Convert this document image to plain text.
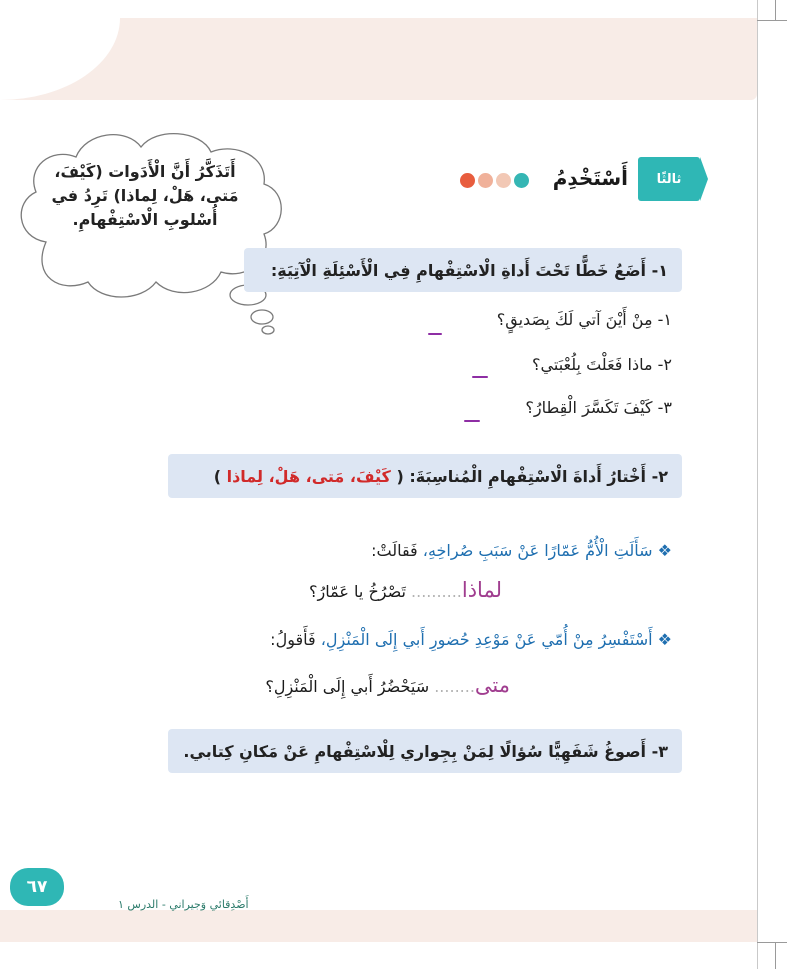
أَتَذَكَّرُ أَنَّ الْأَدَوات (كَيْفَ،
مَتى، هَلْ، لِماذا) تَرِدُ في
أُسْلوبِ الْاسْتِفْهامِ.
ثالثًا
أَسْتَخْدِمُ
١- أَضَعُ خَطًّا تَحْتَ أَداةِ الْاسْتِفْهامِ فِي الْأَسْئِلَةِ الْآتِيَةِ:
١- مِنْ أَيْنَ آتي لَكَ بِصَديقٍ؟
٢- ماذا فَعَلْتَ بِلُعْبَتي؟
٣- كَيْفَ تَكَسَّرَ الْقِطارُ؟
٢- أَخْتارُ أَداةَ الْاسْتِفْهامِ الْمُناسِبَةَ: (

كَيْفَ، مَتى، هَلْ، لِماذا

)
❖ سَأَلَتِ الْأُمُّ عَمّارًا عَنْ سَبَبِ صُراخِهِ، فَقالَتْ:
لماذا.......... تَصْرُخُ يا عَمّارُ؟
❖ أَسْتَفْسِرُ مِنْ أُمّي عَنْ مَوْعِدِ حُضورِ أَبي إِلَى الْمَنْزِلِ، فَأَقولُ:
متى........ سَيَحْضُرُ أَبي إِلَى الْمَنْزِلِ؟
٣- أَصوغُ شَفَهِيًّا سُؤالًا لِمَنْ بِجِواري لِلْاسْتِفْهامِ عَنْ مَكانِ كِتابي.
٦٧
أَصْدِقائي وَجيراني - الدرس ١
